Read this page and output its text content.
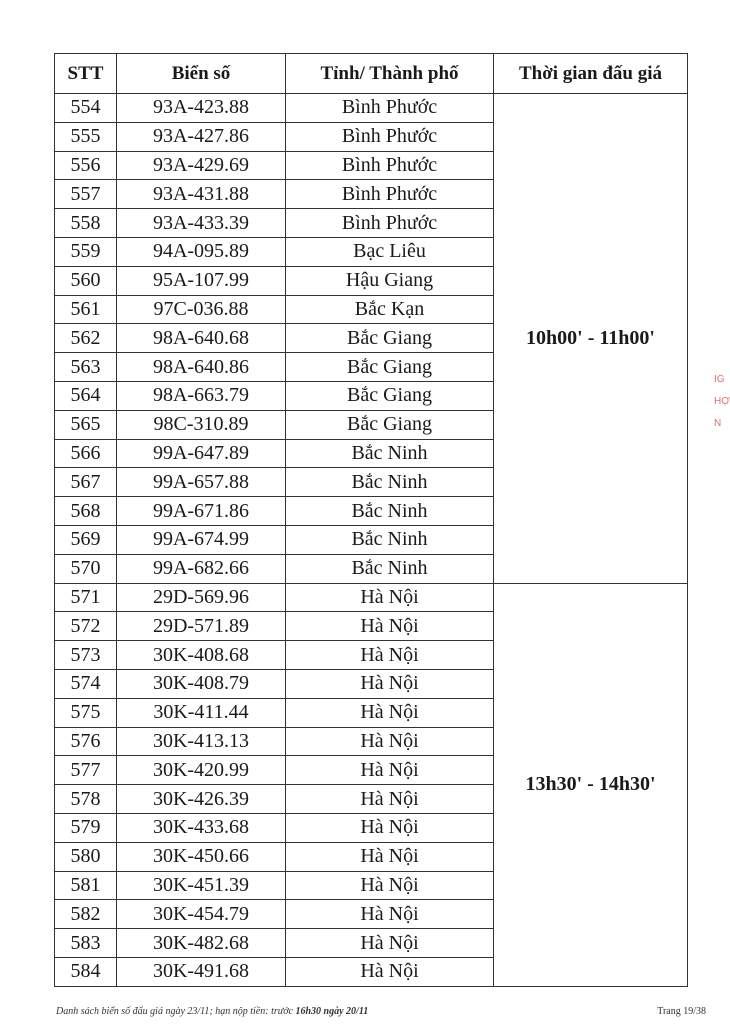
STT	Biển số	Tỉnh/ Thành phố	Thời gian đấu giá
554	93A-423.88	Bình Phước	10h00' - 11h00'
555	93A-427.86	Bình Phước	
556	93A-429.69	Bình Phước	
557	93A-431.88	Bình Phước	
558	93A-433.39	Bình Phước	
559	94A-095.89	Bạc Liêu	
560	95A-107.99	Hậu Giang	
561	97C-036.88	Bắc Kạn	
562	98A-640.68	Bắc Giang	
563	98A-640.86	Bắc Giang	
564	98A-663.79	Bắc Giang	
565	98C-310.89	Bắc Giang	
566	99A-647.89	Bắc Ninh	
567	99A-657.88	Bắc Ninh	
568	99A-671.86	Bắc Ninh	
569	99A-674.99	Bắc Ninh	
570	99A-682.66	Bắc Ninh	
571	29D-569.96	Hà Nội	13h30' - 14h30'
572	29D-571.89	Hà Nội	
573	30K-408.68	Hà Nội	
574	30K-408.79	Hà Nội	
575	30K-411.44	Hà Nội	
576	30K-413.13	Hà Nội	
577	30K-420.99	Hà Nội	
578	30K-426.39	Hà Nội	
579	30K-433.68	Hà Nội	
580	30K-450.66	Hà Nội	
581	30K-451.39	Hà Nội	
582	30K-454.79	Hà Nội	
583	30K-482.68	Hà Nội	
584	30K-491.68	Hà Nội	
Danh sách biển số đấu giá ngày 23/11; hạn nộp tiền: trước 16h30 ngày 20/11	Trang 19/38
IG
HỢ
N
